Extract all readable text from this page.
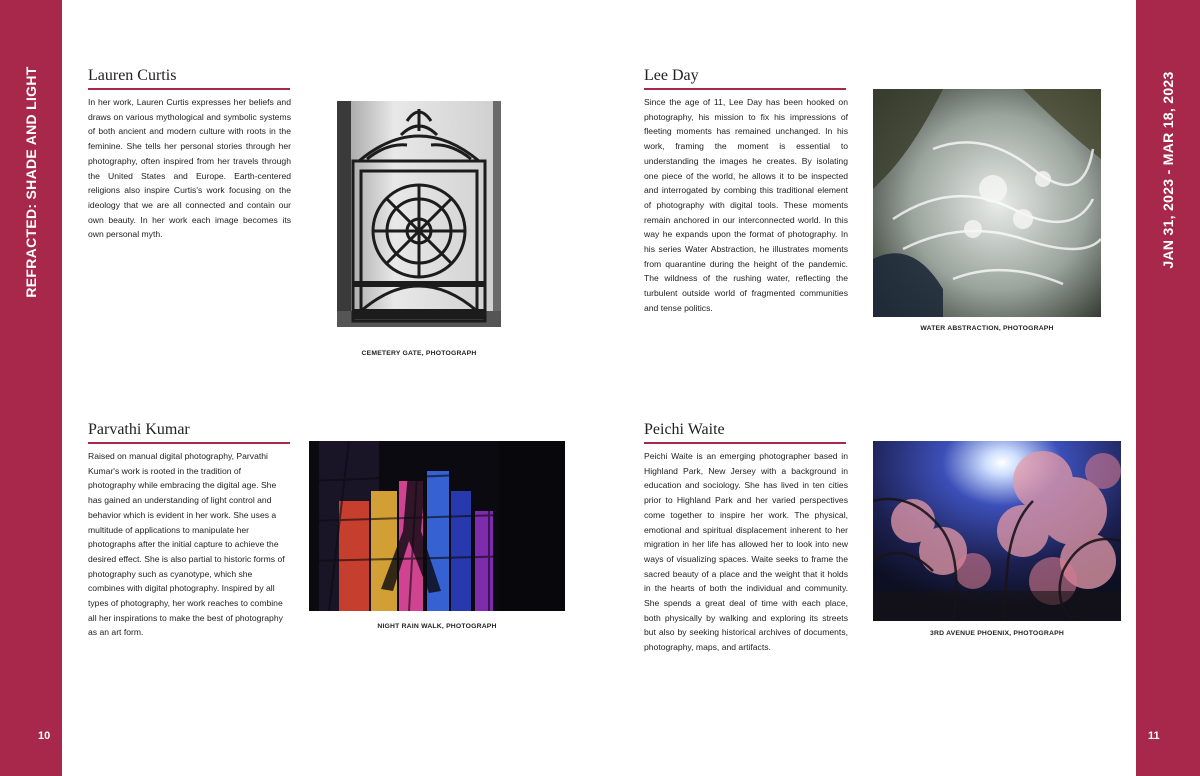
REFRACTED: SHADE AND LIGHT
10
JAN 31, 2023 - MAR 18, 2023
11
Lauren Curtis

In her work, Lauren Curtis expresses her beliefs and draws on various mythological and symbolic systems of both ancient and modern culture with roots in the feminine. She tells her personal stories through her photography, often inspired from her travels through the United States and Europe. Earth-centered religions also inspire Curtis's work focusing on the ideology that we are all connected and contain our own beauty. In her work each image becomes its own personal myth.

CEMETERY GATE, PHOTOGRAPH
Lee Day

Since the age of 11, Lee Day has been hooked on photography, his mission to fix his impressions of fleeting moments has remained unchanged. In his work, framing the moment is essential to understanding the images he creates. By isolating one piece of the world, he allows it to be inspected and interrogated by combing this traditional element of photography with digital tools. These moments remain anchored in our interconnected world. In this way he expands upon the format of photography. In his series Water Abstraction, he illustrates moments from quarantine during the height of the pandemic. The wildness of the rushing water, reflecting the turbulent outside world of fragmented communities and tense politics.

WATER ABSTRACTION, PHOTOGRAPH
Parvathi Kumar

Raised on manual digital photography, Parvathi Kumar's work is rooted in the tradition of photography while embracing the digital age. She has gained an understanding of light control and behavior which is evident in her work. She uses a multitude of applications to manipulate her photographs after the initial capture to achieve the desired effect. She is also partial to historic forms of photography such as cyanotype, which she combines with digital photography. Inspired by all types of photography, her work reaches to combine all her inspirations to make the best of photography as an art form.

NIGHT RAIN WALK, PHOTOGRAPH
Peichi Waite

Peichi Waite is an emerging photographer based in Highland Park, New Jersey with a background in education and sociology. She has lived in ten cities prior to Highland Park and her varied perspectives come together to inspire her work. The physical, emotional and spiritual displacement inherent to her migration in her life has allowed her to look into new ways of visualizing spaces. Waite seeks to frame the sacred beauty of a place and the weight that it holds in the hearts of both the individual and community. She spends a great deal of time with each place, both physically by walking and exploring its streets but also by seeking historical archives of documents, photography, maps, and artifacts.

3RD AVENUE PHOENIX, PHOTOGRAPH
